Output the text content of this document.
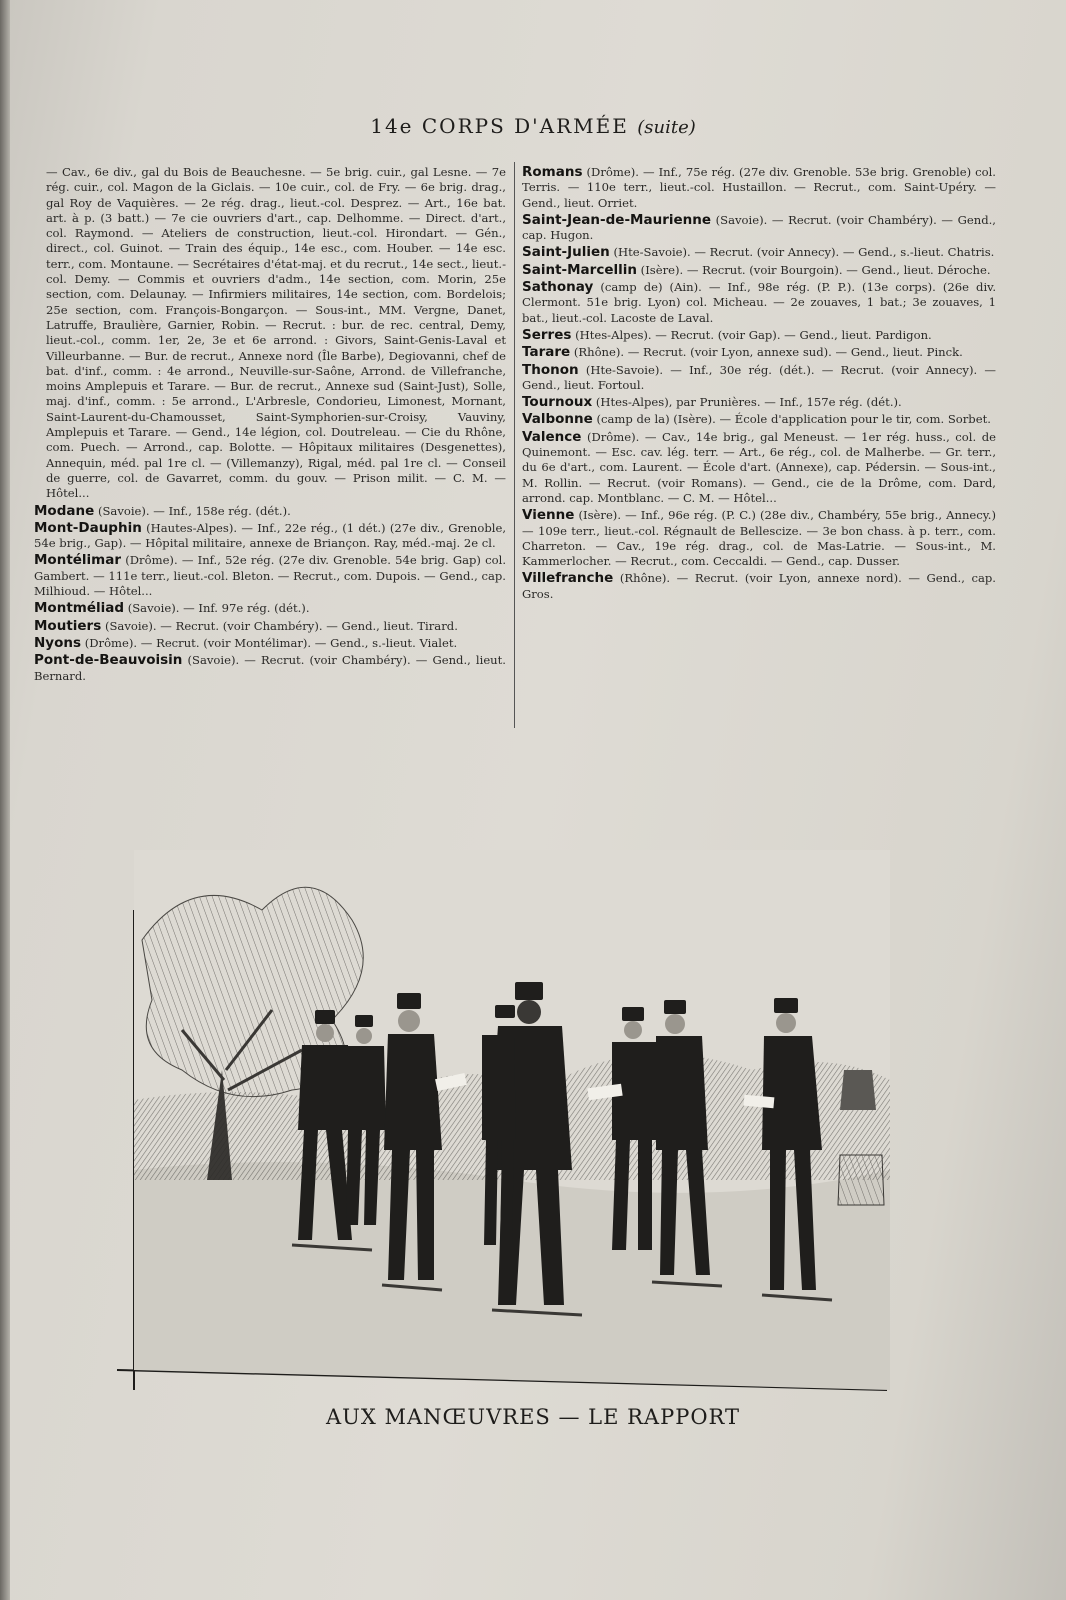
14e CORPS D'ARMÉE (suite)
— Cav., 6e div., gal du Bois de Beauchesne. — 5e brig. cuir., gal Lesne. — 7e rég. cuir., col. Magon de la Giclais. — 10e cuir., col. de Fry. — 6e brig. drag., gal Roy de Vaquières. — 2e rég. drag., lieut.-col. Desprez. — Art., 16e bat. art. à p. (3 batt.) — 7e cie ouvriers d'art., cap. Delhomme. — Direct. d'art., col. Raymond. — Ateliers de construction, lieut.-col. Hirondart. — Gén., direct., col. Guinot. — Train des équip., 14e esc., com. Houber. — 14e esc. terr., com. Montaune. — Secrétaires d'état-maj. et du recrut., 14e sect., lieut.-col. Demy. — Commis et ouvriers d'adm., 14e section, com. Morin, 25e section, com. Delaunay. — Infirmiers militaires, 14e section, com. Bordelois; 25e section, com. François-Bongarçon. — Sous-int., MM. Vergne, Danet, Latruffe, Braulière, Garnier, Robin. — Recrut. : bur. de rec. central, Demy, lieut.-col., comm. 1er, 2e, 3e et 6e arrond. : Givors, Saint-Genis-Laval et Villeurbanne. — Bur. de recrut., Annexe nord (Île Barbe), Degiovanni, chef de bat. d'inf., comm. : 4e arrond., Neuville-sur-Saône, Arrond. de Villefranche, moins Amplepuis et Tarare. — Bur. de recrut., Annexe sud (Saint-Just), Solle, maj. d'inf., comm. : 5e arrond., L'Arbresle, Condorieu, Limonest, Mornant, Saint-Laurent-du-Chamousset, Saint-Symphorien-sur-Croisy, Vauviny, Amplepuis et Tarare. — Gend., 14e légion, col. Doutreleau. — Cie du Rhône, com. Puech. — Arrond., cap. Bolotte. — Hôpitaux militaires (Desgenettes), Annequin, méd. pal 1re cl. — (Villemanzy), Rigal, méd. pal 1re cl. — Conseil de guerre, col. de Gavarret, comm. du gouv. — Prison milit. — C. M. — Hôtel...
Modane (Savoie). — Inf., 158e rég. (dét.).
Mont-Dauphin (Hautes-Alpes). — Inf., 22e rég., (1 dét.) (27e div., Grenoble, 54e brig., Gap). — Hôpital militaire, annexe de Briançon. Ray, méd.-maj. 2e cl.
Montélimar (Drôme). — Inf., 52e rég. (27e div. Grenoble. 54e brig. Gap) col. Gambert. — 111e terr., lieut.-col. Bleton. — Recrut., com. Dupois. — Gend., cap. Milhioud. — Hôtel...
Montméliad (Savoie). — Inf. 97e rég. (dét.).
Moutiers (Savoie). — Recrut. (voir Chambéry). — Gend., lieut. Tirard.
Nyons (Drôme). — Recrut. (voir Montélimar). — Gend., s.-lieut. Vialet.
Pont-de-Beauvoisin (Savoie). — Recrut. (voir Chambéry). — Gend., lieut. Bernard.
Romans (Drôme). — Inf., 75e rég. (27e div. Grenoble. 53e brig. Grenoble) col. Terris. — 110e terr., lieut.-col. Hustaillon. — Recrut., com. Saint-Upéry. — Gend., lieut. Orriet.
Saint-Jean-de-Maurienne (Savoie). — Recrut. (voir Chambéry). — Gend., cap. Hugon.
Saint-Julien (Hte-Savoie). — Recrut. (voir Annecy). — Gend., s.-lieut. Chatris.
Saint-Marcellin (Isère). — Recrut. (voir Bourgoin). — Gend., lieut. Déroche.
Sathonay (camp de) (Ain). — Inf., 98e rég. (P. P.). (13e corps). (26e div. Clermont. 51e brig. Lyon) col. Micheau. — 2e zouaves, 1 bat.; 3e zouaves, 1 bat., lieut.-col. Lacoste de Laval.
Serres (Htes-Alpes). — Recrut. (voir Gap). — Gend., lieut. Pardigon.
Tarare (Rhône). — Recrut. (voir Lyon, annexe sud). — Gend., lieut. Pinck.
Thonon (Hte-Savoie). — Inf., 30e rég. (dét.). — Recrut. (voir Annecy). — Gend., lieut. Fortoul.
Tournoux (Htes-Alpes), par Prunières. — Inf., 157e rég. (dét.).
Valbonne (camp de la) (Isère). — École d'application pour le tir, com. Sorbet.
Valence (Drôme). — Cav., 14e brig., gal Meneust. — 1er rég. huss., col. de Quinemont. — Esc. cav. lég. terr. — Art., 6e rég., col. de Malherbe. — Gr. terr., du 6e d'art., com. Laurent. — École d'art. (Annexe), cap. Pédersin. — Sous-int., M. Rollin. — Recrut. (voir Romans). — Gend., cie de la Drôme, com. Dard, arrond. cap. Montblanc. — C. M. — Hôtel...
Vienne (Isère). — Inf., 96e rég. (P. C.) (28e div., Chambéry, 55e brig., Annecy.) — 109e terr., lieut.-col. Régnault de Bellescize. — 3e bon chass. à p. terr., com. Charreton. — Cav., 19e rég. drag., col. de Mas-Latrie. — Sous-int., M. Kammerlocher. — Recrut., com. Ceccaldi. — Gend., cap. Dusser.
Villefranche (Rhône). — Recrut. (voir Lyon, annexe nord). — Gend., cap. Gros.
AUX MANŒUVRES — LE RAPPORT
